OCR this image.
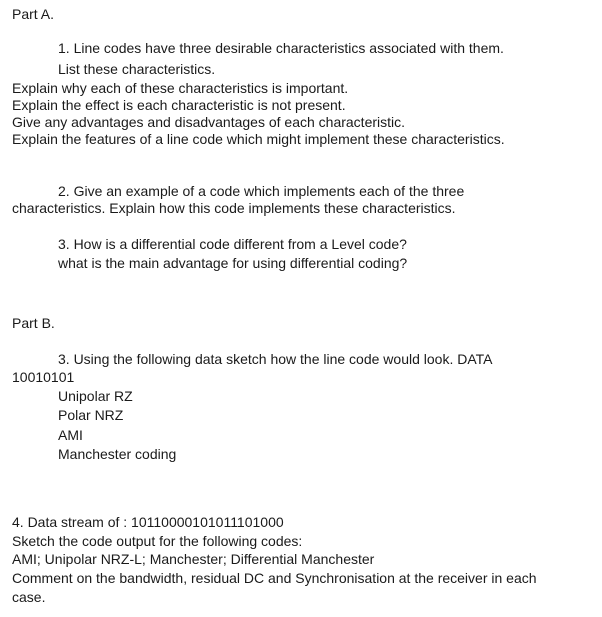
Part A.
1. Line codes have three desirable characteristics associated with them.
List these characteristics.
Explain why each of these characteristics is important.
Explain the effect is each characteristic is not present.
Give any advantages and disadvantages of each characteristic.
Explain the features of a line code which might implement these characteristics.
2. Give an example of a code which implements each of the three
characteristics. Explain how this code implements these characteristics.
3. How is a differential code different from a Level code?
what is the main advantage for using differential coding?
Part B.
3. Using the following data sketch how the line code would look. DATA
10010101
Unipolar RZ
Polar NRZ
AMI
Manchester coding
4. Data stream of : 10110000101011101000
Sketch the code output for the following codes:
AMI; Unipolar NRZ-L; Manchester; Differential Manchester
Comment on the bandwidth, residual DC and Synchronisation at the receiver in each
case.
